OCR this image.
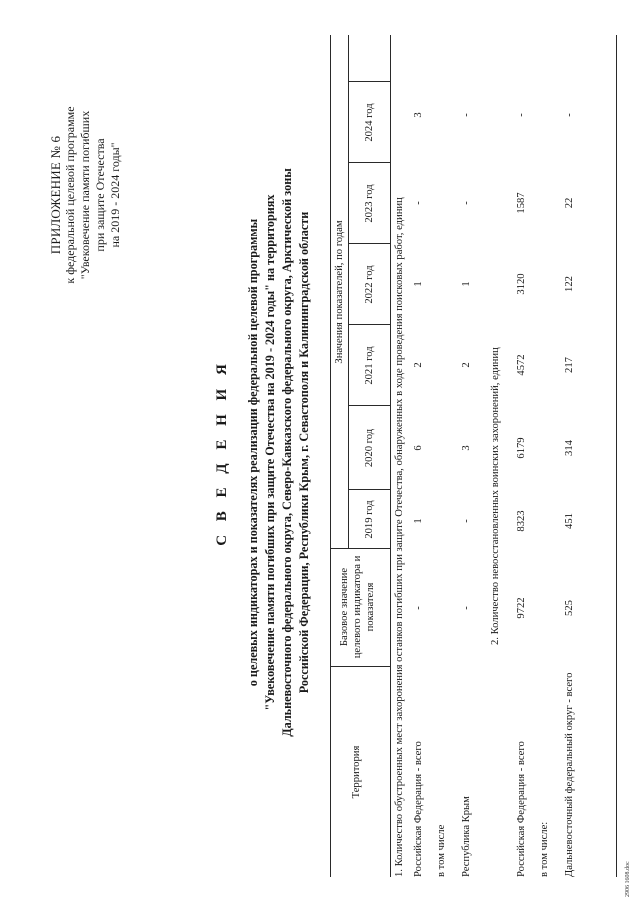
ПРИЛОЖЕНИЕ № 6 к федеральной целевой программе "Увековечение памяти погибших при защите Отечества на 2019 - 2024 годы"
С В Е Д Е Н И Я о целевых индикаторах и показателях реализации федеральной целевой программы "Увековечение памяти погибших при защите Отечества на 2019 - 2024 годы" на территориях Дальневосточного федерального округа, Северо-Кавказского федерального округа, Арктической зоны Российской Федерации, Республики Крым, г. Севастополя и Калининградской области
Территория
Базовое значение целевого индикатора и показателя
Значения показателей, по годам
2019 год
2020 год
2021 год
2022 год
2023 год
2024 год
1. Количество обустроенных мест захоронения останков погибших при защите Отечества, обнаруженных в ходе проведения поисковых работ, единиц Российская Федерация - всего
-
1
6
2
1
-
3
в том числе Республика Крым
-
-
3
2
1
-
-
2. Количество невосстановленных воинских захоронений, единиц
Российская Федерация - всего
9722
8323
6179
4572
3120
1587
-
в том числе: Дальневосточный федеральный округ - всего
525
451
314
217
122
22
-
2906 1608.doc
